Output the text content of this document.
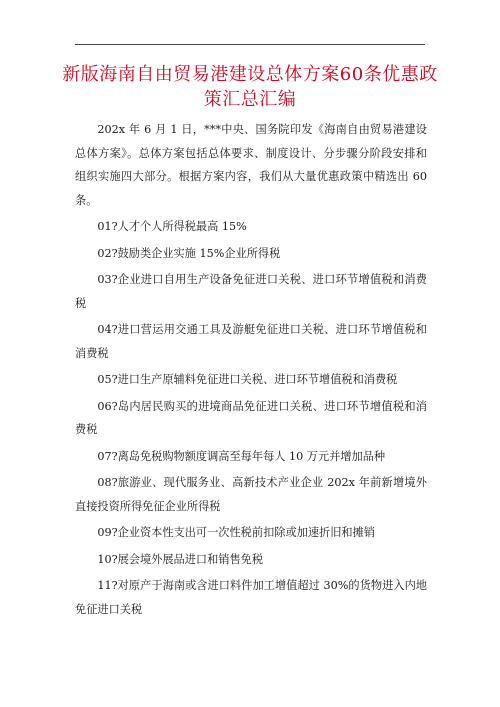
新版海南自由贸易港建设总体方案60条优惠政策汇总汇编

202x 年 6 月 1 日，***中央、国务院印发《海南自由贸易港建设总体方案》。总体方案包括总体要求、制度设计、分步骤分阶段安排和组织实施四大部分。根据方案内容，我们从大量优惠政策中精选出 60 条。

01?人才个人所得税最高 15%

02?鼓励类企业实施 15%企业所得税

03?企业进口自用生产设备免征进口关税、进口环节增值税和消费税

04?进口营运用交通工具及游艇免征进口关税、进口环节增值税和消费税

05?进口生产原辅料免征进口关税、进口环节增值税和消费税

06?岛内居民购买的进境商品免征进口关税、进口环节增值税和消费税

07?离岛免税购物额度调高至每年每人 10 万元并增加品种

08?旅游业、现代服务业、高新技术产业企业 202x 年前新增境外直接投资所得免征企业所得税

09?企业资本性支出可一次性税前扣除或加速折旧和摊销

10?展会境外展品进口和销售免税

11?对原产于海南或含进口料件加工增值超过 30%的货物进入内地免征进口关税
